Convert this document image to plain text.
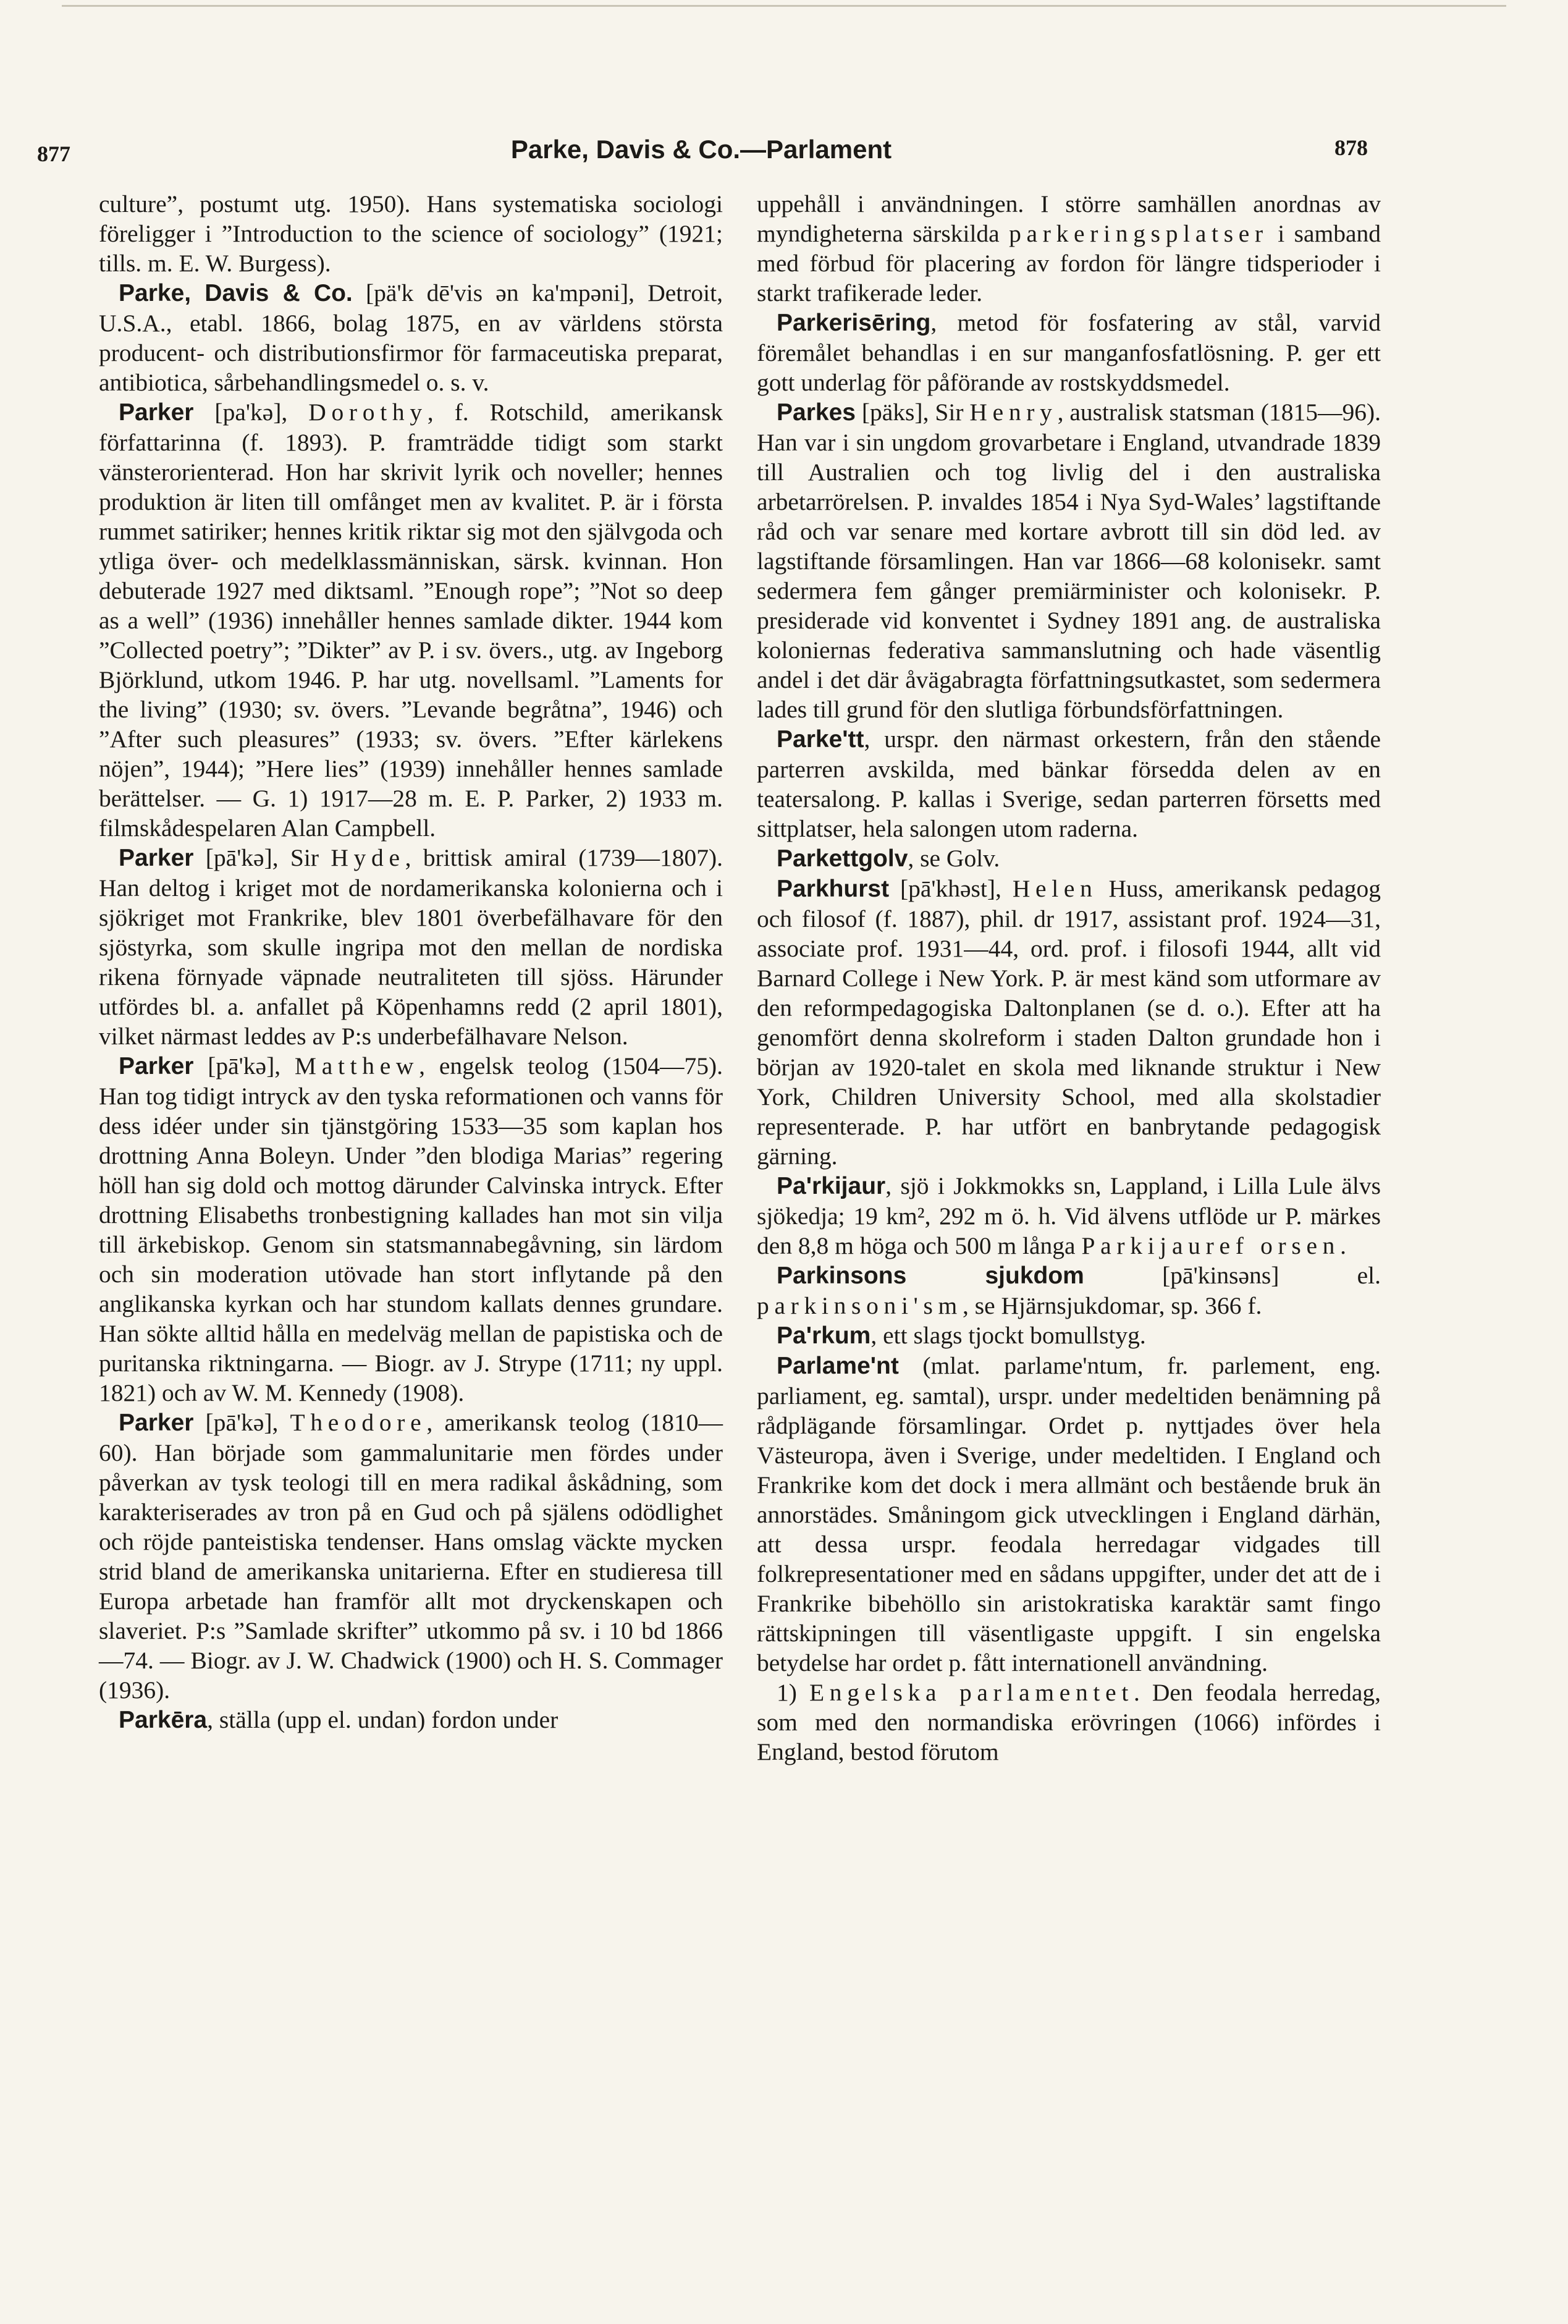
877	Parke, Davis & Co.—Parlament	878

culture”, postumt utg. 1950). Hans systematiska sociologi föreligger i ”Introduction to the science of sociology” (1921; tills. m. E. W. Burgess).

Parke, Davis & Co. [pä'k dē'vis ən ka'mpəni], Detroit, U.S.A., etabl. 1866, bolag 1875, en av världens största producent- och distributionsfirmor för farmaceutiska preparat, antibiotica, sårbehandlingsmedel o. s. v.

Parker [pa'kə], Dorothy, f. Rotschild, amerikansk författarinna (f. 1893). P. framträdde tidigt som starkt vänsterorienterad. Hon har skrivit lyrik och noveller; hennes produktion är liten till omfånget men av kvalitet. P. är i första rummet satiriker; hennes kritik riktar sig mot den självgoda och ytliga över- och medelklassmänniskan, särsk. kvinnan. Hon debuterade 1927 med diktsaml. ”Enough rope”; ”Not so deep as a well” (1936) innehåller hennes samlade dikter. 1944 kom ”Collected poetry”; ”Dikter” av P. i sv. övers., utg. av Ingeborg Björklund, utkom 1946. P. har utg. novellsaml. ”Laments for the living” (1930; sv. övers. ”Levande begråtna”, 1946) och ”After such pleasures” (1933; sv. övers. ”Efter kärlekens nöjen”, 1944); ”Here lies” (1939) innehåller hennes samlade berättelser. — G. 1) 1917—28 m. E. P. Parker, 2) 1933 m. filmskådespelaren Alan Campbell.

Parker [pā'kə], Sir Hyde, brittisk amiral (1739—1807). Han deltog i kriget mot de nordamerikanska kolonierna och i sjökriget mot Frankrike, blev 1801 överbefälhavare för den sjöstyrka, som skulle ingripa mot den mellan de nordiska rikena förnyade väpnade neutraliteten till sjöss. Härunder utfördes bl. a. anfallet på Köpenhamns redd (2 april 1801), vilket närmast leddes av P:s underbefälhavare Nelson.

Parker [pā'kə], Matthew, engelsk teolog (1504—75). Han tog tidigt intryck av den tyska reformationen och vanns för dess idéer under sin tjänstgöring 1533—35 som kaplan hos drottning Anna Boleyn. Under ”den blodiga Marias” regering höll han sig dold och mottog därunder Calvinska intryck. Efter drottning Elisabeths tronbestigning kallades han mot sin vilja till ärkebiskop. Genom sin statsmannabegåvning, sin lärdom och sin moderation utövade han stort inflytande på den anglikanska kyrkan och har stundom kallats dennes grundare. Han sökte alltid hålla en medelväg mellan de papistiska och de puritanska riktningarna. — Biogr. av J. Strype (1711; ny uppl. 1821) och av W. M. Kennedy (1908).

Parker [pā'kə], Theodore, amerikansk teolog (1810—60). Han började som gammalunitarie men fördes under påverkan av tysk teologi till en mera radikal åskådning, som karakteriserades av tron på en Gud och på själens odödlighet och röjde panteistiska tendenser. Hans omslag väckte mycken strid bland de amerikanska unitarierna. Efter en studieresa till Europa arbetade han framför allt mot dryckenskapen och slaveriet. P:s ”Samlade skrifter” utkommo på sv. i 10 bd 1866—74. — Biogr. av J. W. Chadwick (1900) och H. S. Commager (1936).

Parkēra, ställa (upp el. undan) fordon under

uppehåll i användningen. I större samhällen anordnas av myndigheterna särskilda parkeringsplatser i samband med förbud för placering av fordon för längre tidsperioder i starkt trafikerade leder.

Parkerisēring, metod för fosfatering av stål, varvid föremålet behandlas i en sur manganfosfatlösning. P. ger ett gott underlag för påförande av rostskyddsmedel.

Parkes [päks], Sir Henry, australisk statsman (1815—96). Han var i sin ungdom grovarbetare i England, utvandrade 1839 till Australien och tog livlig del i den australiska arbetarrörelsen. P. invaldes 1854 i Nya Syd-Wales’ lagstiftande råd och var senare med kortare avbrott till sin död led. av lagstiftande församlingen. Han var 1866—68 kolonisekr. samt sedermera fem gånger premiärminister och kolonisekr. P. presiderade vid konventet i Sydney 1891 ang. de australiska koloniernas federativa sammanslutning och hade väsentlig andel i det där åvägabragta författningsutkastet, som sedermera lades till grund för den slutliga förbundsförfattningen.

Parke'tt, urspr. den närmast orkestern, från den stående parterren avskilda, med bänkar försedda delen av en teatersalong. P. kallas i Sverige, sedan parterren försetts med sittplatser, hela salongen utom raderna.

Parkettgolv, se Golv.

Parkhurst [pā'khəst], Helen Huss, amerikansk pedagog och filosof (f. 1887), phil. dr 1917, assistant prof. 1924—31, associate prof. 1931—44, ord. prof. i filosofi 1944, allt vid Barnard College i New York. P. är mest känd som utformare av den reformpedagogiska Daltonplanen (se d. o.). Efter att ha genomfört denna skolreform i staden Dalton grundade hon i början av 1920-talet en skola med liknande struktur i New York, Children University School, med alla skolstadier representerade. P. har utfört en banbrytande pedagogisk gärning.

Pa'rkijaur, sjö i Jokkmokks sn, Lappland, i Lilla Lule älvs sjökedja; 19 km², 292 m ö. h. Vid älvens utflöde ur P. märkes den 8,8 m höga och 500 m långa Parkijauref orsen.

Parkinsons sjukdom [pā'kinsəns] el. parkinsoni'sm, se Hjärnsjukdomar, sp. 366 f.

Pa'rkum, ett slags tjockt bomullstyg.

Parlame'nt (mlat. parlame'ntum, fr. parlement, eng. parliament, eg. samtal), urspr. under medeltiden benämning på rådplägande församlingar. Ordet p. nyttjades över hela Västeuropa, även i Sverige, under medeltiden. I England och Frankrike kom det dock i mera allmänt och bestående bruk än annorstädes. Småningom gick utvecklingen i England därhän, att dessa urspr. feodala herredagar vidgades till folkrepresentationer med en sådans uppgifter, under det att de i Frankrike bibehöllo sin aristokratiska karaktär samt fingo rättskipningen till väsentligaste uppgift. I sin engelska betydelse har ordet p. fått internationell användning.

1) Engelska parlamentet. Den feodala herredag, som med den normandiska erövringen (1066) infördes i England, bestod förutom
